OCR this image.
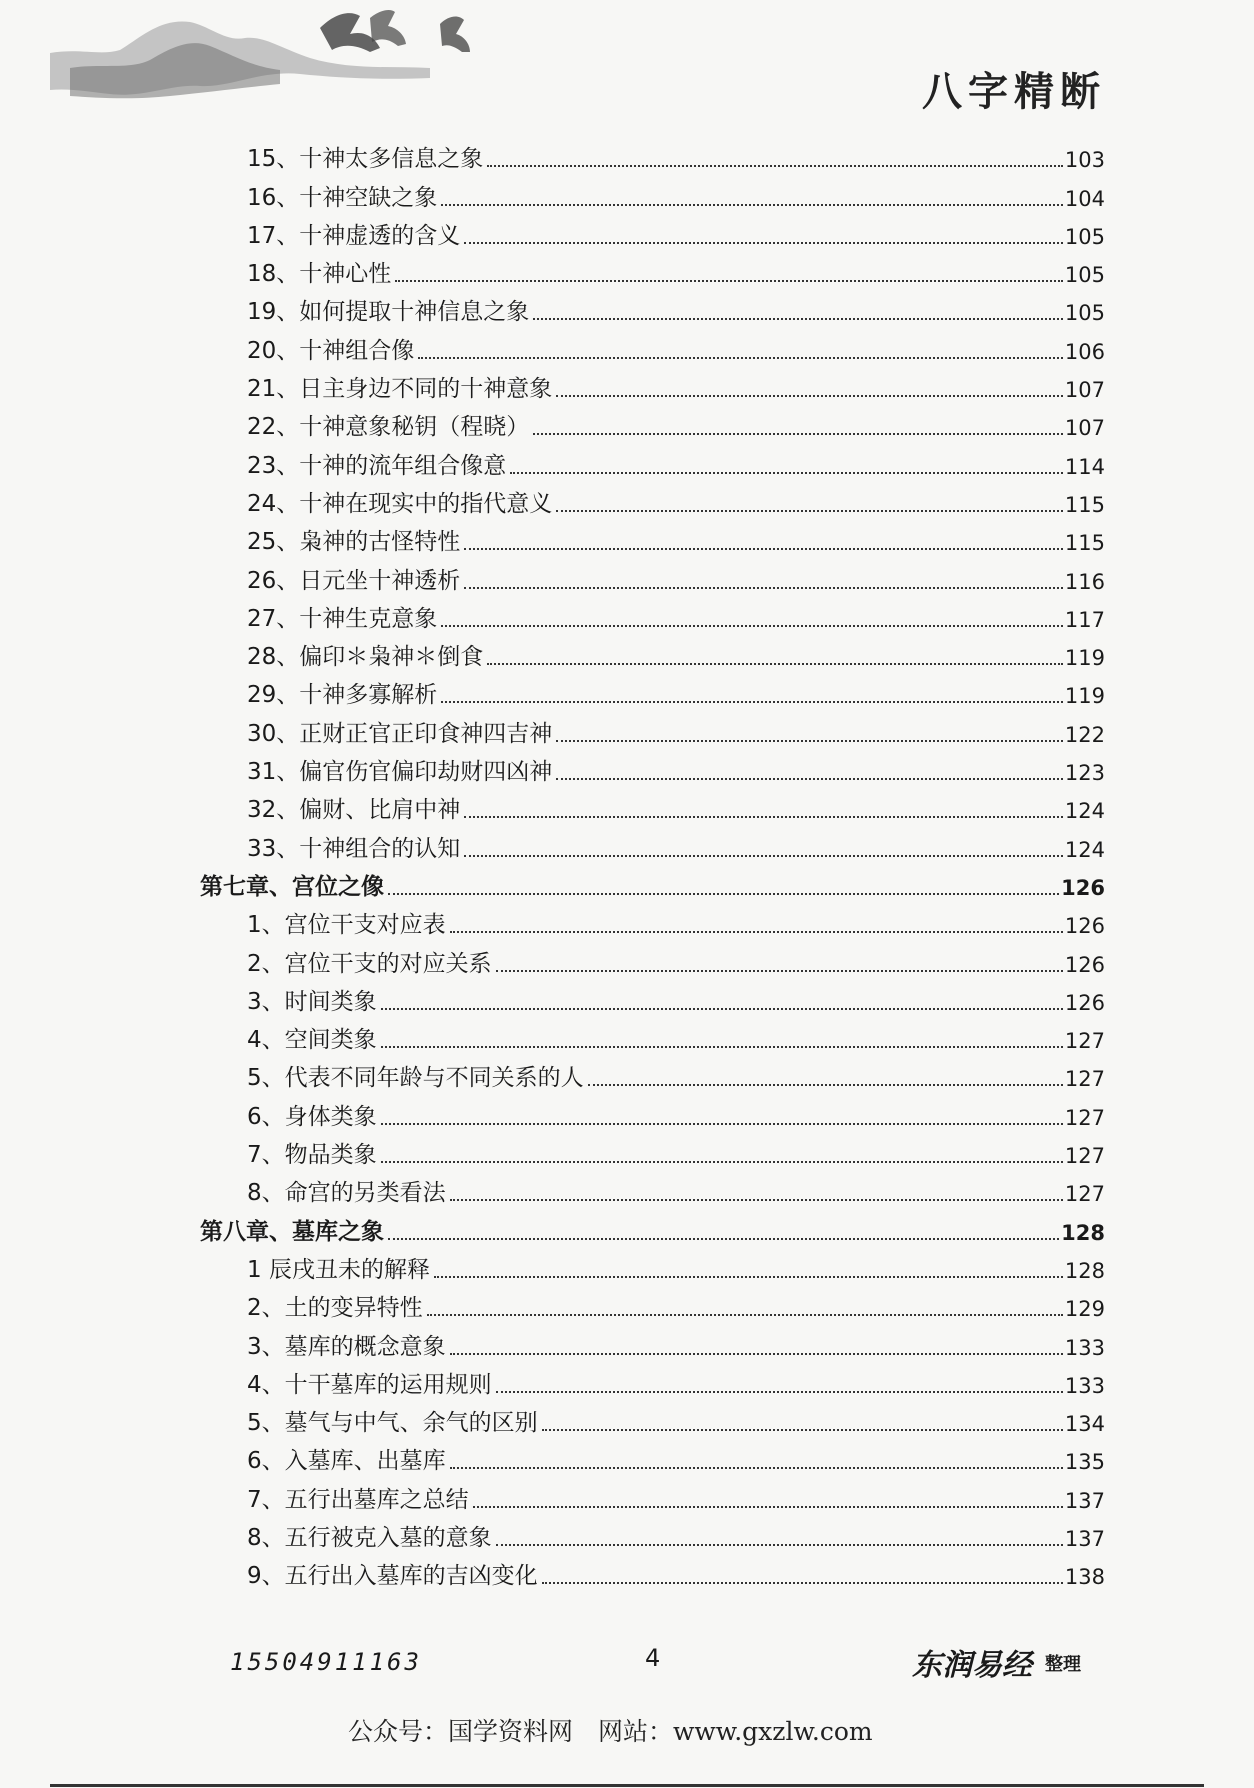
八字精断
15、十神太多信息之象	103
16、十神空缺之象	104
17、十神虚透的含义	105
18、十神心性	105
19、如何提取十神信息之象	105
20、十神组合像	106
21、日主身边不同的十神意象	107
22、十神意象秘钥（程晓）	107
23、十神的流年组合像意	114
24、十神在现实中的指代意义	115
25、枭神的古怪特性	115
26、日元坐十神透析	116
27、十神生克意象	117
28、偏印＊枭神＊倒食	119
29、十神多寡解析	119
30、正财正官正印食神四吉神	122
31、偏官伤官偏印劫财四凶神	123
32、偏财、比肩中神	124
33、十神组合的认知	124
第七章、宫位之像	126
1、宫位干支对应表	126
2、宫位干支的对应关系	126
3、时间类象	126
4、空间类象	127
5、代表不同年龄与不同关系的人	127
6、身体类象	127
7、物品类象	127
8、命宫的另类看法	127
第八章、墓库之象	128
1 辰戌丑未的解释	128
2、土的变异特性	129
3、墓库的概念意象	133
4、十干墓库的运用规则	133
5、墓气与中气、余气的区别	134
6、入墓库、出墓库	135
7、五行出墓库之总结	137
8、五行被克入墓的意象	137
9、五行出入墓库的吉凶变化	138
15504911163	4	东润易经 整理
公众号：国学资料网　网站：www.gxzlw.com
